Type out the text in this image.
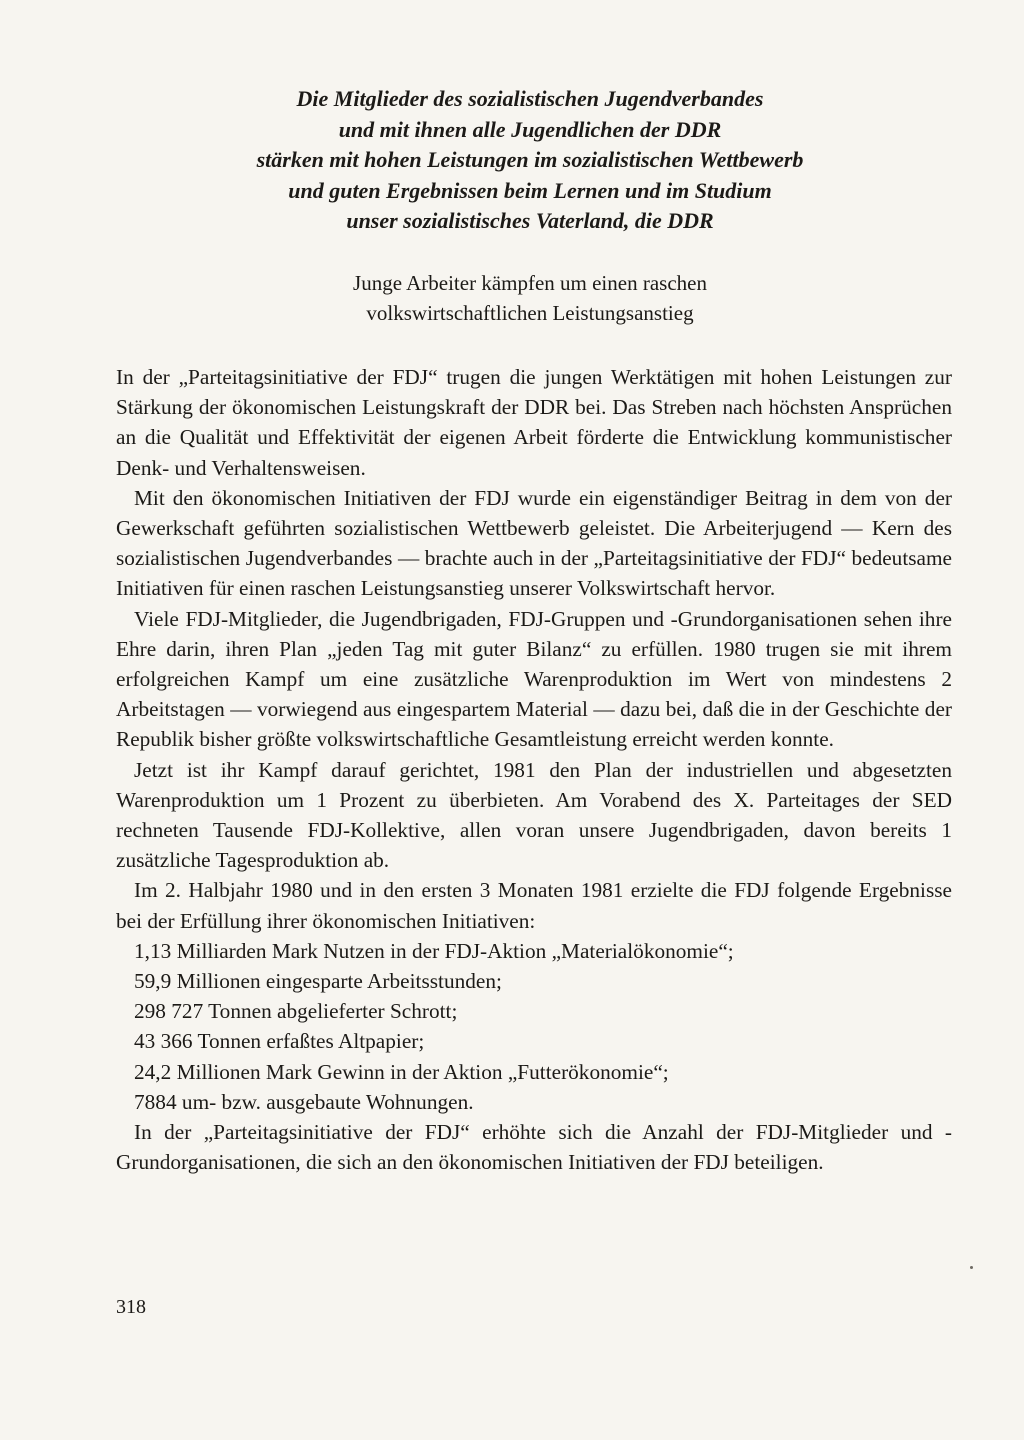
Die Mitglieder des sozialistischen Jugendverbandes
und mit ihnen alle Jugendlichen der DDR
stärken mit hohen Leistungen im sozialistischen Wettbewerb
und guten Ergebnissen beim Lernen und im Studium
unser sozialistisches Vaterland, die DDR
Junge Arbeiter kämpfen um einen raschen
volkswirtschaftlichen Leistungsanstieg

In der „Parteitagsinitiative der FDJ“ trugen die jungen Werktätigen mit hohen Leistungen zur Stärkung der ökonomischen Leistungskraft der DDR bei. Das Streben nach höchsten Ansprüchen an die Qualität und Effektivität der eigenen Arbeit förderte die Entwicklung kommunistischer Denk- und Verhaltensweisen.

Mit den ökonomischen Initiativen der FDJ wurde ein eigenständiger Beitrag in dem von der Gewerkschaft geführten sozialistischen Wettbewerb geleistet. Die Arbeiterjugend — Kern des sozialistischen Jugendverbandes — brachte auch in der „Parteitagsinitiative der FDJ“ bedeutsame Initiativen für einen raschen Leistungsanstieg unserer Volkswirtschaft hervor.

Viele FDJ-Mitglieder, die Jugendbrigaden, FDJ-Gruppen und -Grundorganisationen sehen ihre Ehre darin, ihren Plan „jeden Tag mit guter Bilanz“ zu erfüllen. 1980 trugen sie mit ihrem erfolgreichen Kampf um eine zusätzliche Warenproduktion im Wert von mindestens 2 Arbeitstagen — vorwiegend aus eingespartem Material — dazu bei, daß die in der Geschichte der Republik bisher größte volkswirtschaftliche Gesamtleistung erreicht werden konnte.

Jetzt ist ihr Kampf darauf gerichtet, 1981 den Plan der industriellen und abgesetzten Warenproduktion um 1 Prozent zu überbieten. Am Vorabend des X. Parteitages der SED rechneten Tausende FDJ-Kollektive, allen voran unsere Jugendbrigaden, davon bereits 1 zusätzliche Tagesproduktion ab.

Im 2. Halbjahr 1980 und in den ersten 3 Monaten 1981 erzielte die FDJ folgende Ergebnisse bei der Erfüllung ihrer ökonomischen Initiativen:

1,13 Milliarden Mark Nutzen in der FDJ-Aktion „Materialökonomie“;

59,9 Millionen eingesparte Arbeitsstunden;

298 727 Tonnen abgelieferter Schrott;

43 366 Tonnen erfaßtes Altpapier;

24,2 Millionen Mark Gewinn in der Aktion „Futterökonomie“;

7884 um- bzw. ausgebaute Wohnungen.

In der „Parteitagsinitiative der FDJ“ erhöhte sich die Anzahl der FDJ-Mitglieder und -Grundorganisationen, die sich an den ökonomischen Initiativen der FDJ beteiligen.

318
